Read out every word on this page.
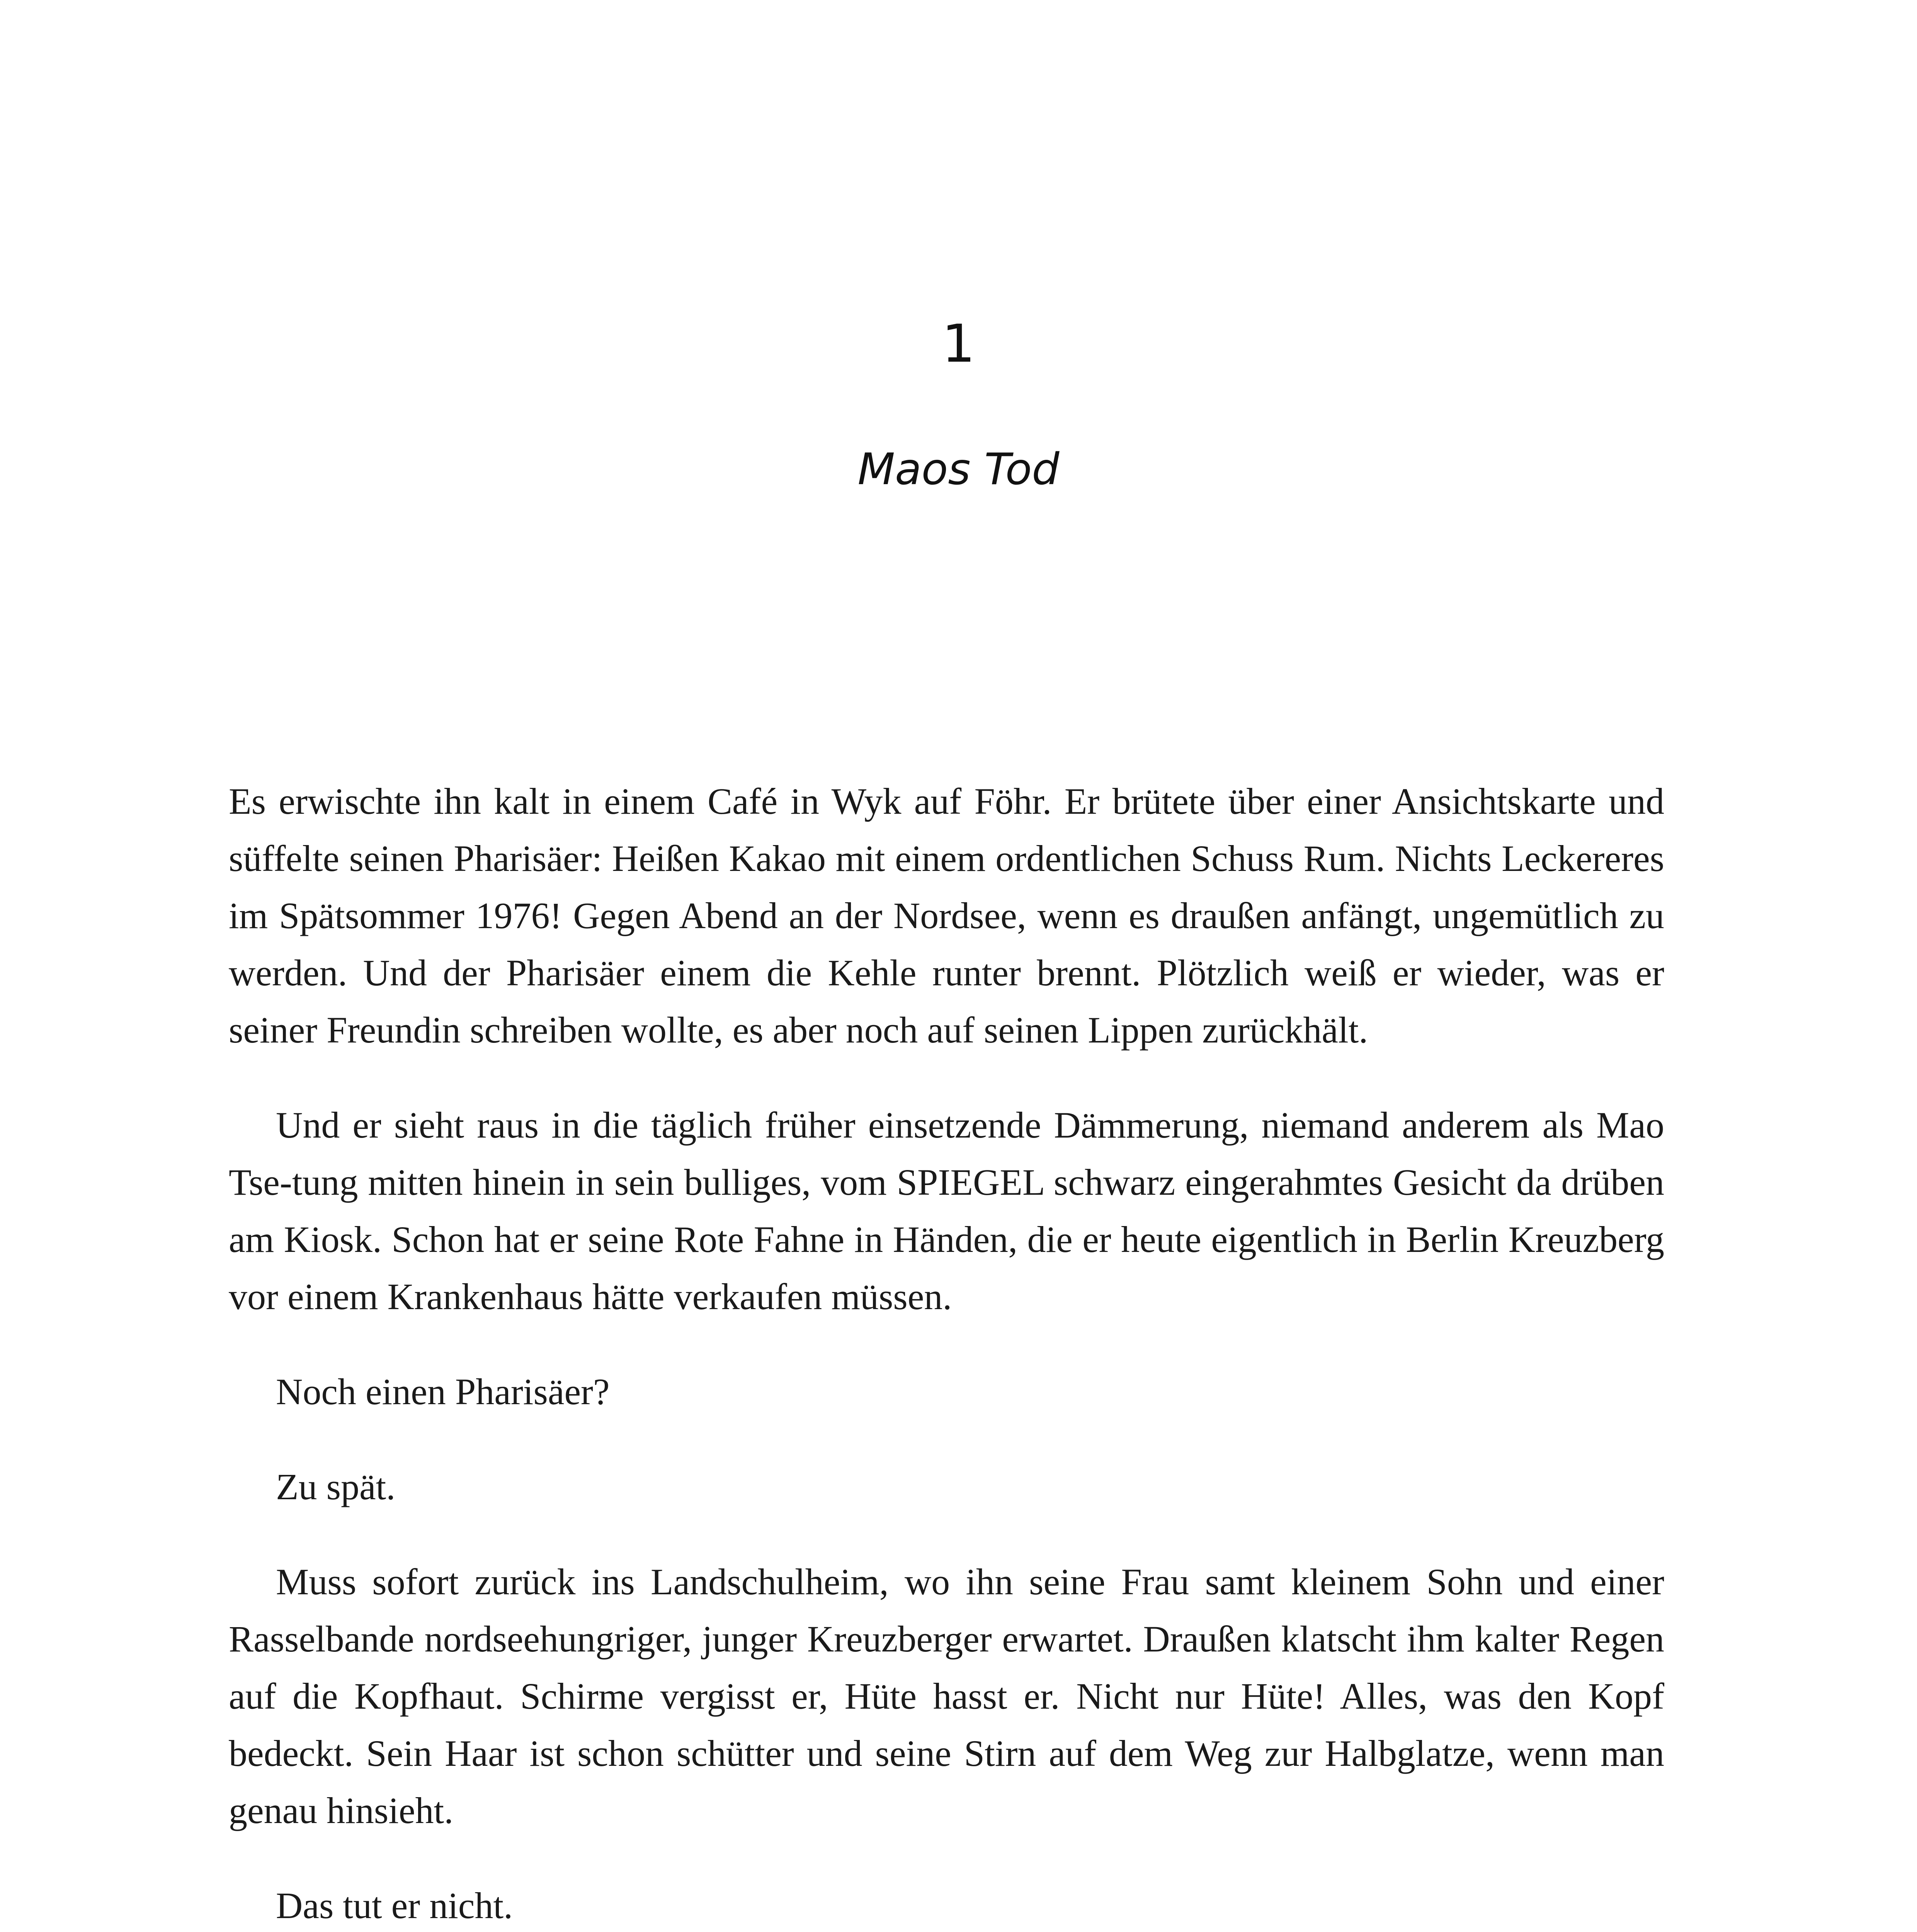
1
Maos Tod

Es erwischte ihn kalt in einem Café in Wyk auf Föhr. Er brütete über einer Ansichtskarte und süffelte seinen Pharisäer: Heißen Kakao mit einem ordentlichen Schuss Rum. Nichts Leckereres im Spätsommer 1976! Gegen Abend an der Nordsee, wenn es draußen anfängt, ungemütlich zu werden. Und der Pharisäer einem die Kehle runter brennt. Plötzlich weiß er wieder, was er seiner Freundin schreiben wollte, es aber noch auf seinen Lippen zurückhält.

Und er sieht raus in die täglich früher einsetzende Dämmerung, niemand anderem als Mao Tse-tung mitten hinein in sein bulliges, vom SPIEGEL schwarz eingerahmtes Gesicht da drüben am Kiosk. Schon hat er seine Rote Fahne in Händen, die er heute eigentlich in Berlin Kreuzberg vor einem Krankenhaus hätte verkaufen müssen.

Noch einen Pharisäer?

Zu spät.

Muss sofort zurück ins Landschulheim, wo ihn seine Frau samt kleinem Sohn und einer Rasselbande nordseehungriger, junger Kreuzberger erwartet. Draußen klatscht ihm kalter Regen auf die Kopfhaut. Schirme vergisst er, Hüte hasst er. Nicht nur Hüte! Alles, was den Kopf bedeckt. Sein Haar ist schon schütter und seine Stirn auf dem Weg zur Halbglatze, wenn man genau hinsieht.

Das tut er nicht.
